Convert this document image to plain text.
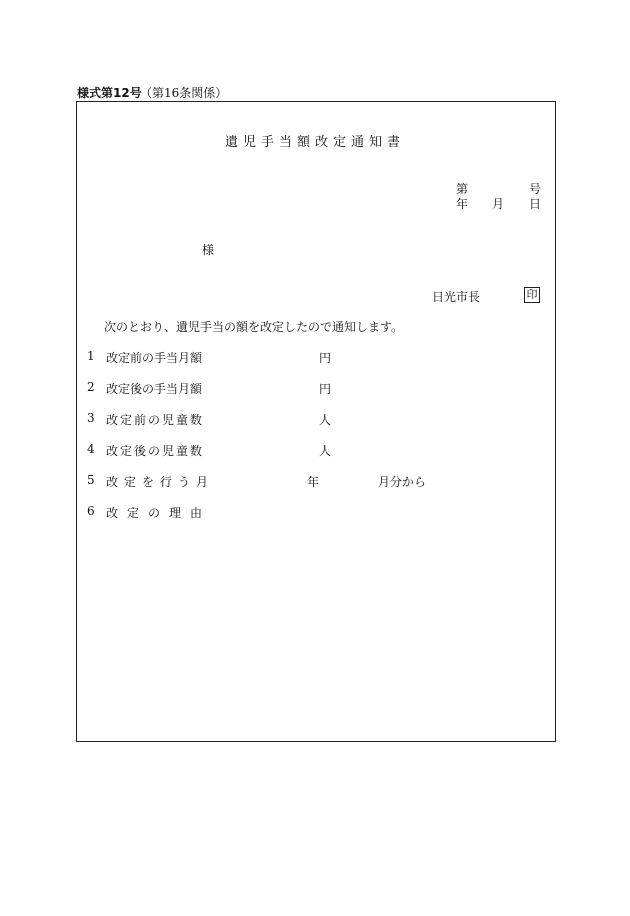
様式第12号
（第16条関係）
遺児手当額改定通知書
第	号
年 月 日
様
日光市長	印
次のとおり、遺児手当の額を改定したので通知します。
1 改定前の手当月額	円
2 改定後の手当月額	円
3 改定前の児童数	人
4 改定後の児童数	人
5 改定を行う月	年	月分から
6 改定の理由
